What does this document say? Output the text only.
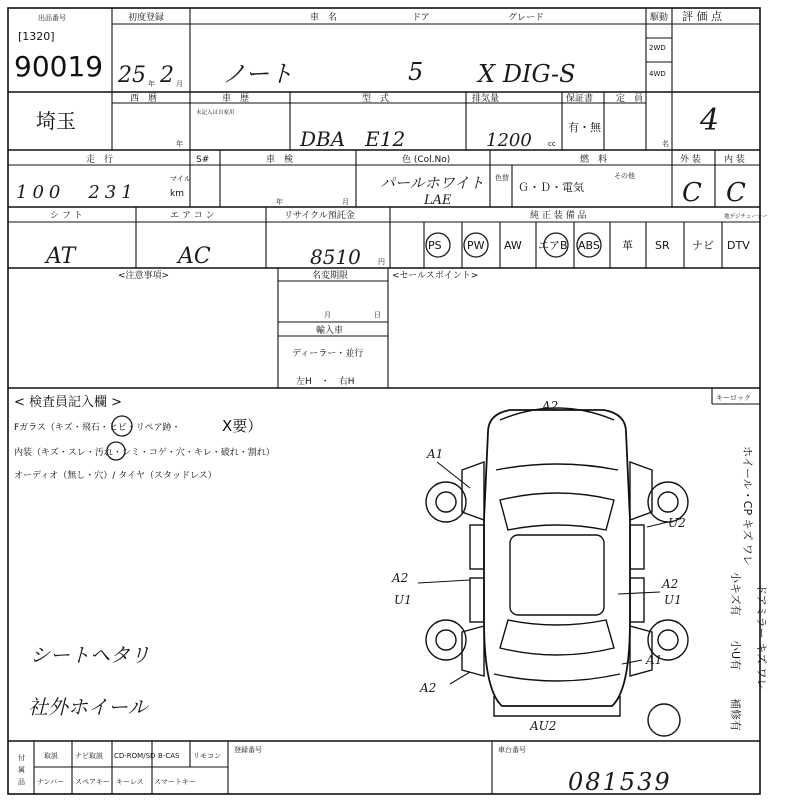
出品番号
[1320]
90019
初度登録
25 年 2 月
車　名
ノート
ドア
5
グレード
X DIG-S
駆動
2WD
4WD
評 価 点
4
埼玉
西　暦
年
車　歴
未記入は自家用
型　式
DBA　E12
排気量
1200 cc
保証書
有・無
定　員
名
走　行
100　231
マイル
km
S#	車　検
年	月
色 (Col.No)
パールホワイト
LAE
色替
燃　料
Ｇ・Ｄ・電気
その他
外 装
C
内 装
C
シ フ ト
AT
エ ア コ ン
AC
リサイクル預託金
8510 円
純 正 装 備 品	地デジチューナー
PS PW AW エアB ABS 革 SR ナビ DTV
<注意事項>	名変期限
月	日
輸入車
ディーラー・並行
左H　・　右H
<セールスポイント>
< 検査員記入欄 >
Fガラス（キズ・飛石・ヒビ・リペア跡・	X要）
内装（キズ・スレ・汚れ・シミ・コゲ・穴・キレ・破れ・割れ）
オーディオ（無し・穴）/ タイヤ（スタッドレス）
シートヘタリ
社外ホイール
キーロック
ホイール・CP キズ ワレ
小キズ有 ドアミラー キズ ワレ
小U有
補修有
A2
A1
U2
A2
U1
A2
U1
A1
A2
AU2
付
属
品
取説 ナビ取説 CD-ROM/SD B-CAS リモコン
ナンバー スペアキー キーレス スマートキー
登録番号	車台番号
081539
